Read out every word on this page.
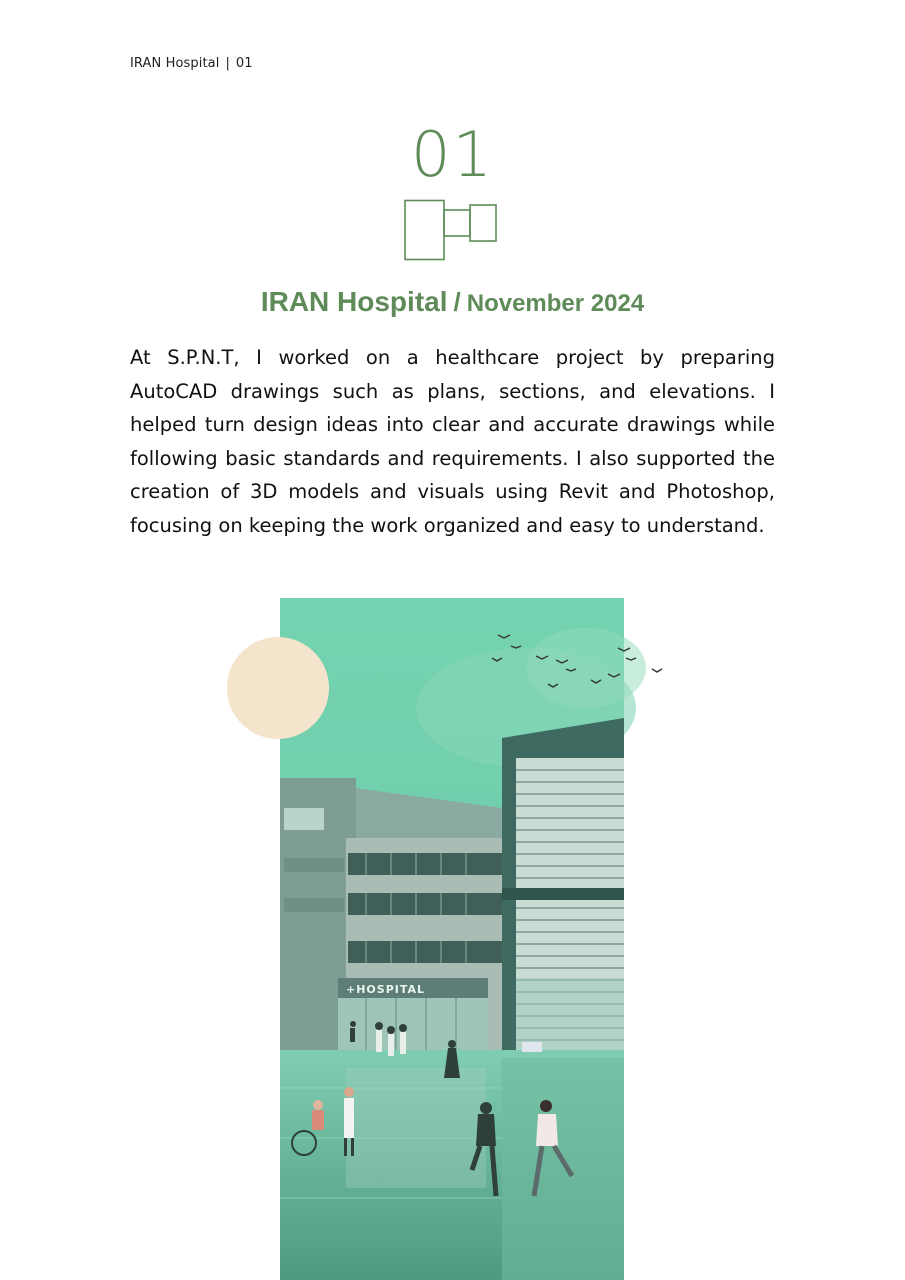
IRAN Hospital | 01
01
IRAN Hospital / November 2024

At S.P.N.T, I worked on a healthcare project by preparing AutoCAD drawings such as plans, sections, and elevations. I helped turn design ideas into clear and accurate drawings while following basic standards and requirements. I also supported the creation of 3D models and visuals using Revit and Photoshop, focusing on keeping the work organized and easy to understand.

+HOSPITAL
